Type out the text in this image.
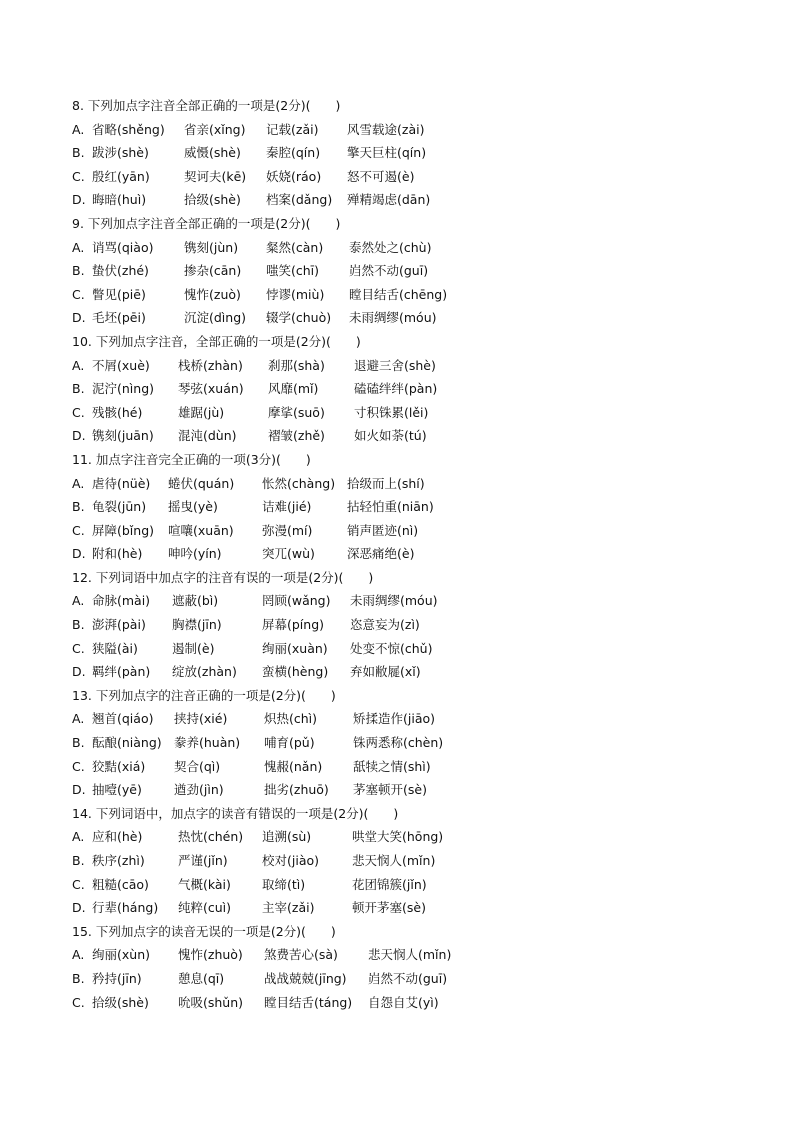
8. 下列加点字注音全部正确的一项是(2分)(　　)
A. 省略(shěng) 省亲(xǐng) 记载(zǎi) 风雪载途(zài)
B. 跋涉(shè)	威慑(shè) 秦腔(qín) 擎天巨柱(qín)
C. 殷红(yān)	契诃夫(kē) 妖娆(ráo) 怒不可遏(è)
D. 晦暗(huì)	拾级(shè) 档案(dǎng) 殚精竭虑(dān)
9. 下列加点字注音全部正确的一项是(2分)(　　)
A. 诮骂(qiào) 镌刻(jùn) 粲然(càn) 泰然处之(chù)
B. 蛰伏(zhé)	掺杂(cān) 嗤笑(chī) 岿然不动(guī)
C. 瞥见(piē)	愧怍(zuò) 悖谬(miù) 瞠目结舌(chēng)
D. 毛坯(pēi)	沉淀(dìng) 辍学(chuò) 未雨绸缪(móu)
10. 下列加点字注音，全部正确的一项是(2分)(　　)
A. 不屑(xuè) 栈桥(zhàn) 刹那(shà) 退避三舍(shè)
B. 泥泞(nìng) 琴弦(xuán) 风靡(mǐ)	磕磕绊绊(pàn)
C. 残骸(hé)	雄踞(jù)	摩挲(suō) 寸积铢累(lěi)
D. 镌刻(juān) 混沌(dùn)	褶皱(zhě) 如火如荼(tú)
11. 加点字注音完全正确的一项(3分)(　　)
A. 虐待(nüè) 蜷伏(quán) 怅然(chàng) 拾级而上(shí)
B. 龟裂(jūn) 摇曳(yè)	诘难(jié)	拈轻怕重(niān)
C. 屏障(bǐng) 喧嚷(xuān) 弥漫(mí)	销声匿迹(nì)
D. 附和(hè) 呻吟(yín)	突兀(wù)	深恶痛绝(è)
12. 下列词语中加点字的注音有误的一项是(2分)(　　)
A. 命脉(mài) 遮蔽(bì)	罔顾(wǎng) 未雨绸缪(móu)
B. 澎湃(pài) 胸襟(jīn)	屏幕(píng) 恣意妄为(zì)
C. 狭隘(ài)	遏制(è)	绚丽(xuàn) 处变不惊(chǔ)
D. 羁绊(pàn) 绽放(zhàn) 蛮横(hèng) 弃如敝屣(xǐ)
13. 下列加点字的注音正确的一项是(2分)(　　)
A. 翘首(qiáo) 挟持(xié)	炽热(chì)	矫揉造作(jiāo)
B. 酝酿(niàng) 豢养(huàn) 哺育(pǔ)	铢两悉称(chèn)
C. 狡黠(xiá) 契合(qì)	愧赧(nǎn) 舐犊之情(shì)
D. 抽噎(yē)	遒劲(jìn)	拙劣(zhuō) 茅塞顿开(sè)
14. 下列词语中，加点字的读音有错误的一项是(2分)(　　)
A. 应和(hè)	热忱(chén) 追溯(sù)	哄堂大笑(hōng)
B. 秩序(zhì)	严谨(jǐn)	校对(jiào)	悲天悯人(mǐn)
C. 粗糙(cāo) 气概(kài) 取缔(tì)	花团锦簇(jǐn)
D. 行辈(háng) 纯粹(cuì) 主宰(zǎi)	顿开茅塞(sè)
15. 下列加点字的读音无误的一项是(2分)(　　)
A. 绚丽(xùn) 愧怍(zhuò) 煞费苦心(sà) 悲天悯人(mǐn)
B. 矜持(jīn)	憩息(qī)	战战兢兢(jīng) 岿然不动(guī)
C. 拾级(shè) 吮吸(shǔn) 瞠目结舌(táng) 自怨自艾(yì)
